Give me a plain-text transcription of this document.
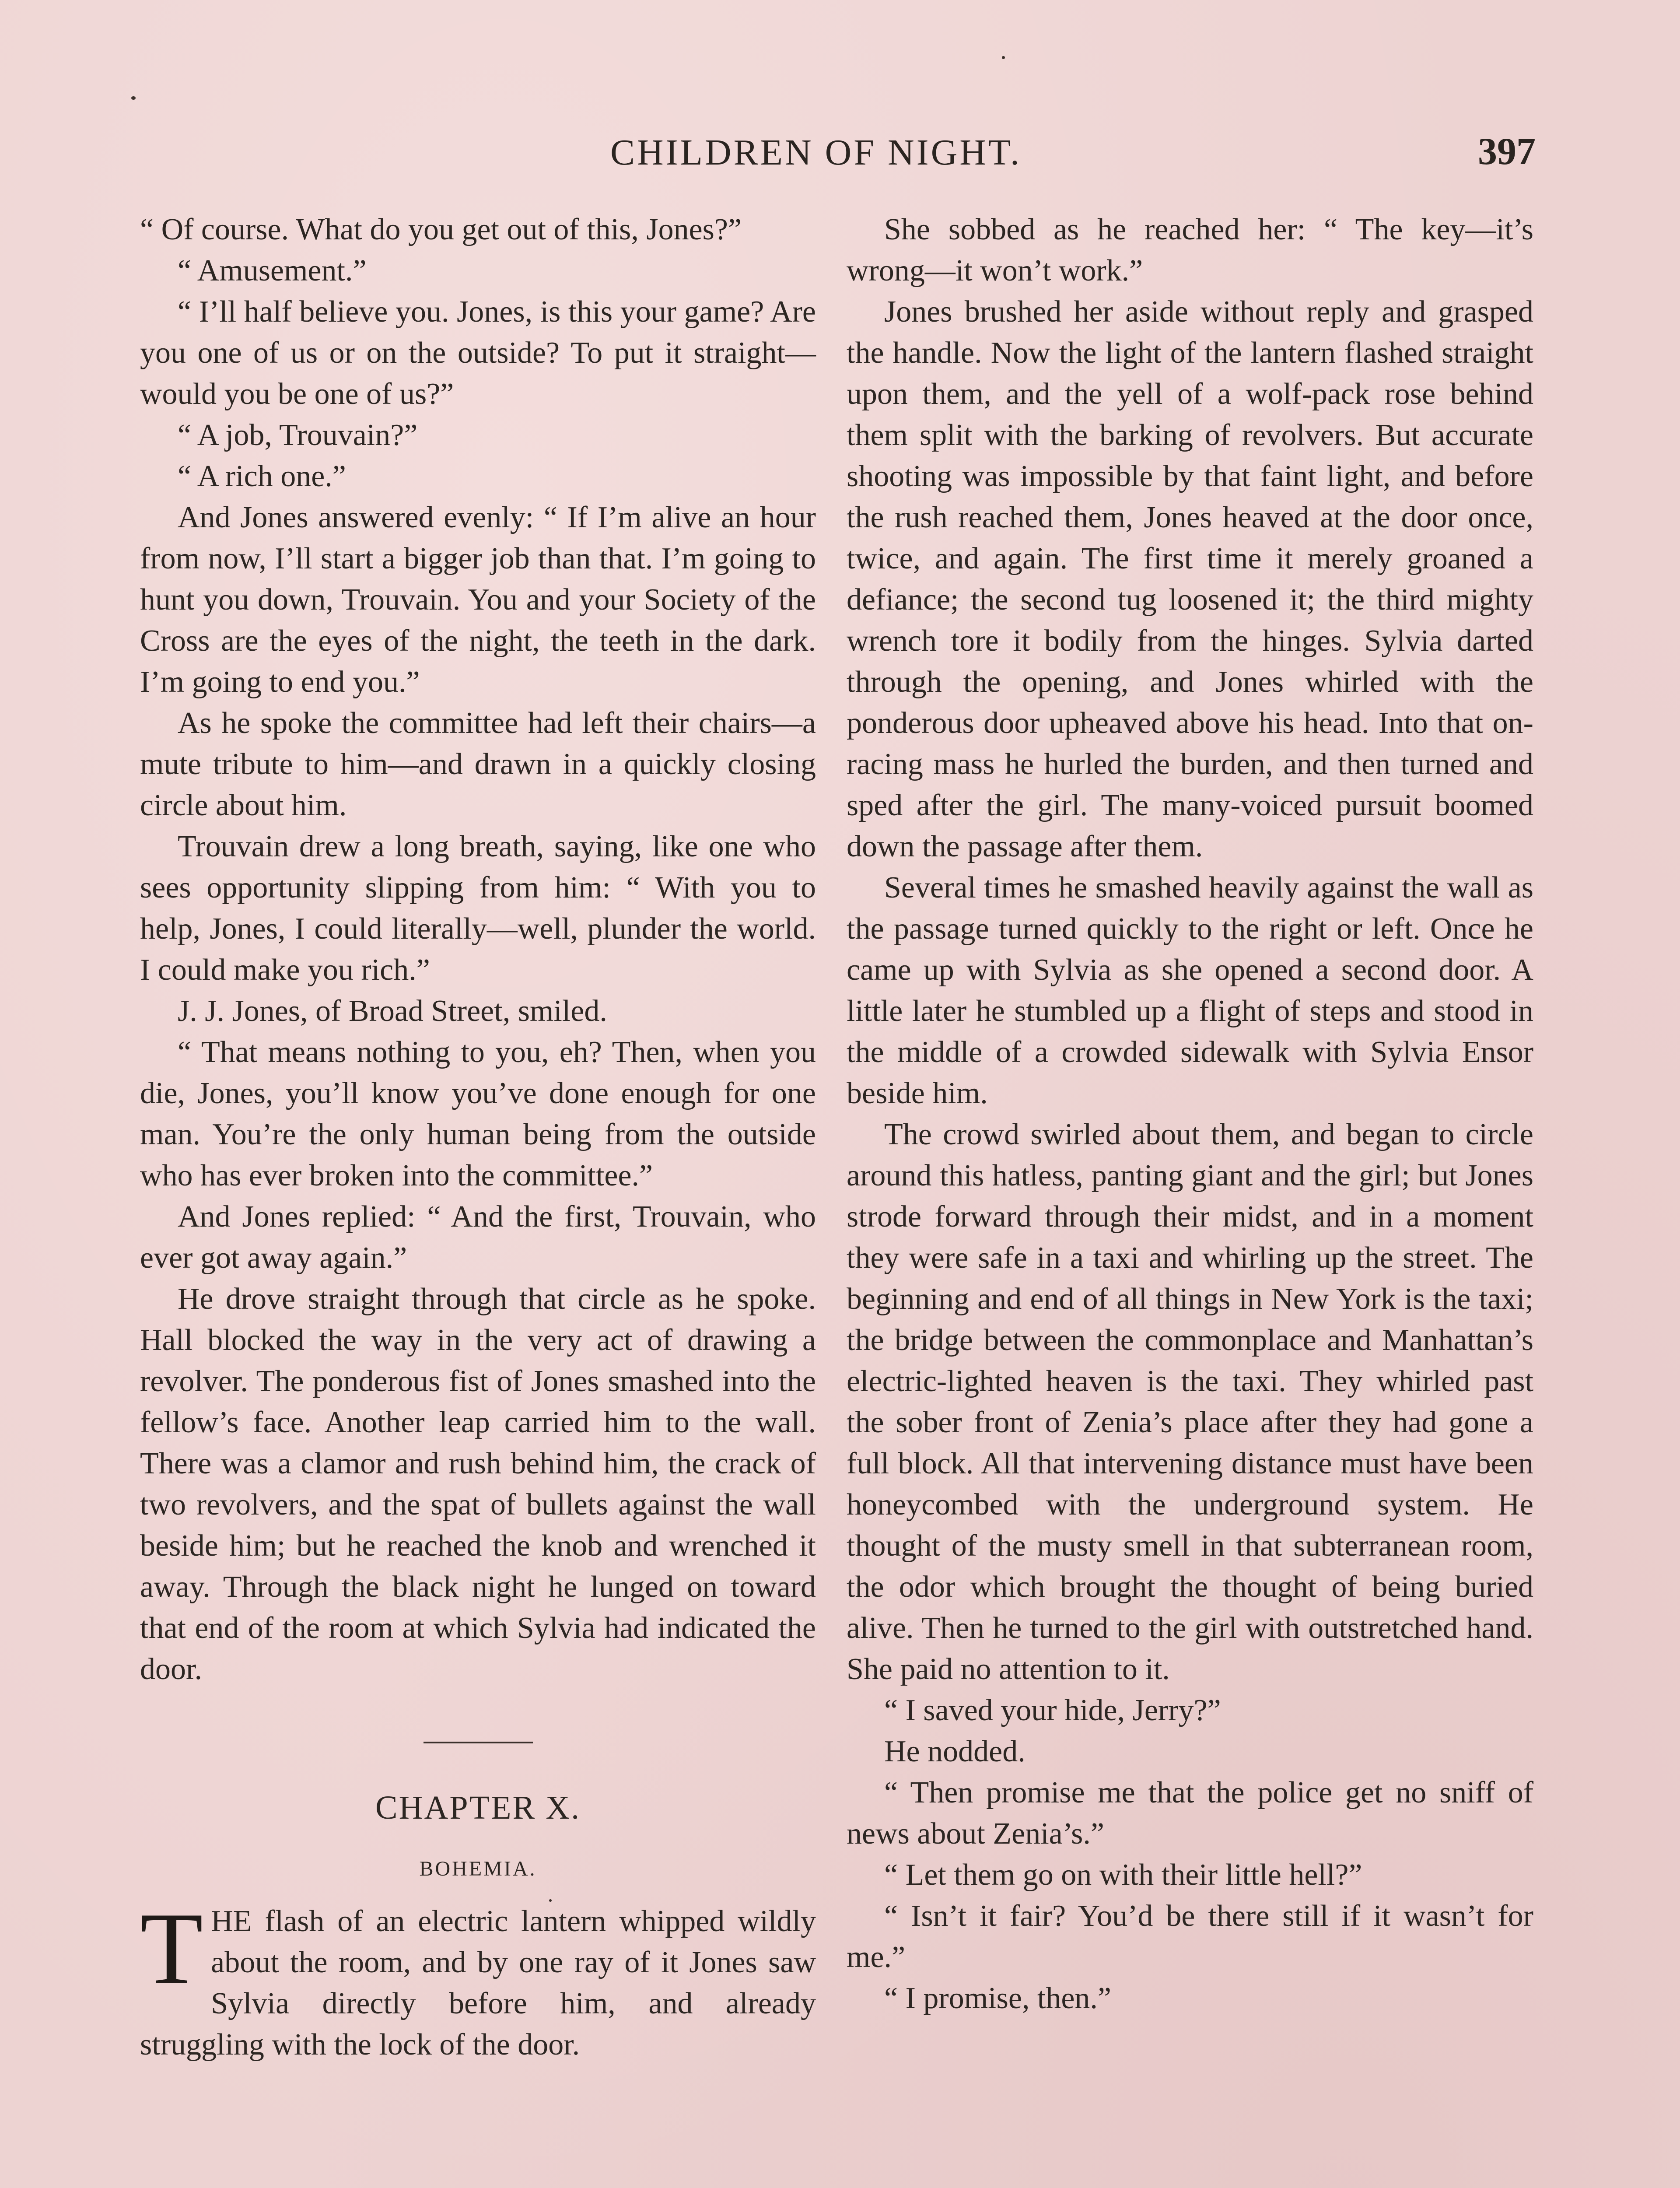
CHILDREN OF NIGHT.	397

“ Of course. What do you get out of this, Jones?”

“ Amusement.”

“ I’ll half believe you. Jones, is this your game? Are you one of us or on the outside? To put it straight—would you be one of us?”

“ A job, Trouvain?”

“ A rich one.”

And Jones answered evenly: “ If I’m alive an hour from now, I’ll start a bigger job than that. I’m going to hunt you down, Trouvain. You and your Society of the Cross are the eyes of the night, the teeth in the dark. I’m going to end you.”

As he spoke the committee had left their chairs—a mute tribute to him—and drawn in a quickly closing circle about him.

Trouvain drew a long breath, saying, like one who sees opportunity slipping from him: “ With you to help, Jones, I could literally—well, plunder the world. I could make you rich.”

J. J. Jones, of Broad Street, smiled.

“ That means nothing to you, eh? Then, when you die, Jones, you’ll know you’ve done enough for one man. You’re the only human being from the outside who has ever broken into the committee.”

And Jones replied: “ And the first, Trouvain, who ever got away again.”

He drove straight through that circle as he spoke. Hall blocked the way in the very act of drawing a revolver. The ponderous fist of Jones smashed into the fellow’s face. Another leap carried him to the wall. There was a clamor and rush behind him, the crack of two revolvers, and the spat of bullets against the wall beside him; but he reached the knob and wrenched it away. Through the black night he lunged on toward that end of the room at which Sylvia had indicated the door.

CHAPTER X.
BOHEMIA.

THE flash of an electric lantern whipped wildly about the room, and by one ray of it Jones saw Sylvia directly before him, and already struggling with the lock of the door.

She sobbed as he reached her: “ The key—it’s wrong—it won’t work.”

Jones brushed her aside without reply and grasped the handle. Now the light of the lantern flashed straight upon them, and the yell of a wolf-pack rose behind them split with the barking of revolvers. But accurate shooting was impossible by that faint light, and before the rush reached them, Jones heaved at the door once, twice, and again. The first time it merely groaned a defiance; the second tug loosened it; the third mighty wrench tore it bodily from the hinges. Sylvia darted through the opening, and Jones whirled with the ponderous door upheaved above his head. Into that on-racing mass he hurled the burden, and then turned and sped after the girl. The many-voiced pursuit boomed down the passage after them.

Several times he smashed heavily against the wall as the passage turned quickly to the right or left. Once he came up with Sylvia as she opened a second door. A little later he stumbled up a flight of steps and stood in the middle of a crowded sidewalk with Sylvia Ensor beside him.

The crowd swirled about them, and began to circle around this hatless, panting giant and the girl; but Jones strode forward through their midst, and in a moment they were safe in a taxi and whirling up the street. The beginning and end of all things in New York is the taxi; the bridge between the commonplace and Manhattan’s electric-lighted heaven is the taxi. They whirled past the sober front of Zenia’s place after they had gone a full block. All that intervening distance must have been honeycombed with the underground system. He thought of the musty smell in that subterranean room, the odor which brought the thought of being buried alive. Then he turned to the girl with outstretched hand. She paid no attention to it.

“ I saved your hide, Jerry?”

He nodded.

“ Then promise me that the police get no sniff of news about Zenia’s.”

“ Let them go on with their little hell?”

“ Isn’t it fair? You’d be there still if it wasn’t for me.”

“ I promise, then.”
